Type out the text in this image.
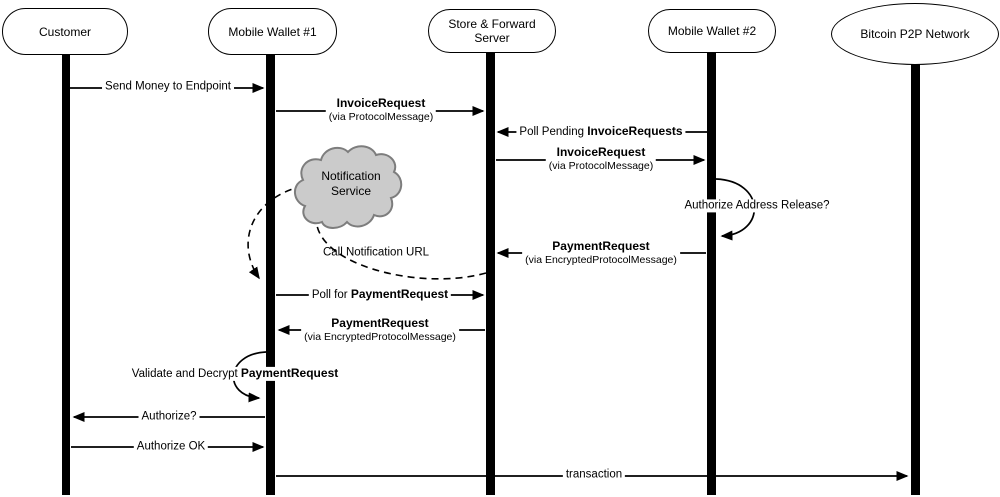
Customer	Mobile Wallet #1
Store & Forward Server	Mobile Wallet #2	Bitcoin P2P Network
Notification
Service
Send Money to Endpoint
InvoiceRequest
(via ProtocolMessage)
Poll Pending InvoiceRequests
InvoiceRequest
(via ProtocolMessage)
Authorize Address Release?
PaymentRequest
(via EncryptedProtocolMessage)
Call Notification URL
Poll for PaymentRequest
PaymentRequest
(via EncryptedProtocolMessage)
Validate and Decrypt PaymentRequest
Authorize?
Authorize OK
transaction
